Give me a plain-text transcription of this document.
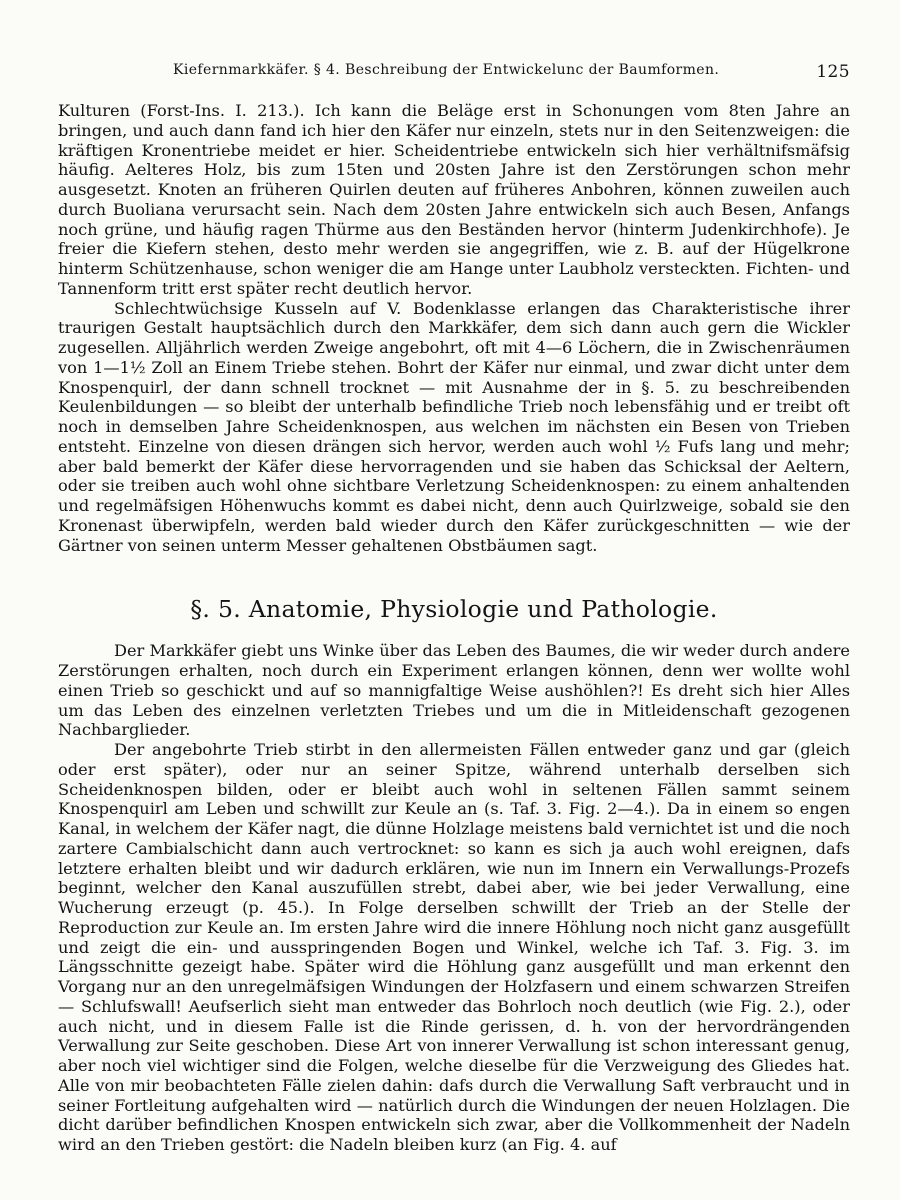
Kiefernmarkkäfer. § 4. Beschreibung der Entwickelunc der Baumformen.	125

Kulturen (Forst-Ins. I. 213.). Ich kann die Beläge erst in Schonungen vom 8ten Jahre an bringen, und auch dann fand ich hier den Käfer nur einzeln, stets nur in den Seitenzweigen: die kräftigen Kronentriebe meidet er hier. Scheidentriebe entwickeln sich hier verhältnifsmäfsig häufig. Aelteres Holz, bis zum 15ten und 20sten Jahre ist den Zerstörungen schon mehr ausgesetzt. Knoten an früheren Quirlen deuten auf früheres Anbohren, können zuweilen auch durch Buoliana verursacht sein. Nach dem 20sten Jahre entwickeln sich auch Besen, Anfangs noch grüne, und häufig ragen Thürme aus den Beständen hervor (hinterm Judenkirchhofe). Je freier die Kiefern stehen, desto mehr werden sie angegriffen, wie z. B. auf der Hügelkrone hinterm Schützenhause, schon weniger die am Hange unter Laubholz versteckten. Fichten- und Tannenform tritt erst später recht deutlich hervor.

Schlechtwüchsige Kusseln auf V. Bodenklasse erlangen das Charakteristische ihrer traurigen Gestalt hauptsächlich durch den Markkäfer, dem sich dann auch gern die Wickler zugesellen. Alljährlich werden Zweige angebohrt, oft mit 4—6 Löchern, die in Zwischenräumen von 1—1½ Zoll an Einem Triebe stehen. Bohrt der Käfer nur einmal, und zwar dicht unter dem Knospenquirl, der dann schnell trocknet — mit Ausnahme der in §. 5. zu beschreibenden Keulenbildungen — so bleibt der unterhalb befindliche Trieb noch lebensfähig und er treibt oft noch in demselben Jahre Scheidenknospen, aus welchen im nächsten ein Besen von Trieben entsteht. Einzelne von diesen drängen sich hervor, werden auch wohl ½ Fufs lang und mehr; aber bald bemerkt der Käfer diese hervorragenden und sie haben das Schicksal der Aeltern, oder sie treiben auch wohl ohne sichtbare Verletzung Scheidenknospen: zu einem anhaltenden und regelmäfsigen Höhenwuchs kommt es dabei nicht, denn auch Quirlzweige, sobald sie den Kronenast überwipfeln, werden bald wieder durch den Käfer zurückgeschnitten — wie der Gärtner von seinen unterm Messer gehaltenen Obstbäumen sagt.

§. 5. Anatomie, Physiologie und Pathologie.

Der Markkäfer giebt uns Winke über das Leben des Baumes, die wir weder durch andere Zerstörungen erhalten, noch durch ein Experiment erlangen können, denn wer wollte wohl einen Trieb so geschickt und auf so mannigfaltige Weise aushöhlen?! Es dreht sich hier Alles um das Leben des einzelnen verletzten Triebes und um die in Mitleidenschaft gezogenen Nachbarglieder.

Der angebohrte Trieb stirbt in den allermeisten Fällen entweder ganz und gar (gleich oder erst später), oder nur an seiner Spitze, während unterhalb derselben sich Scheidenknospen bilden, oder er bleibt auch wohl in seltenen Fällen sammt seinem Knospenquirl am Leben und schwillt zur Keule an (s. Taf. 3. Fig. 2—4.). Da in einem so engen Kanal, in welchem der Käfer nagt, die dünne Holzlage meistens bald vernichtet ist und die noch zartere Cambialschicht dann auch vertrocknet: so kann es sich ja auch wohl ereignen, dafs letztere erhalten bleibt und wir dadurch erklären, wie nun im Innern ein Verwallungs-Prozefs beginnt, welcher den Kanal auszufüllen strebt, dabei aber, wie bei jeder Verwallung, eine Wucherung erzeugt (p. 45.). In Folge derselben schwillt der Trieb an der Stelle der Reproduction zur Keule an. Im ersten Jahre wird die innere Höhlung noch nicht ganz ausgefüllt und zeigt die ein- und ausspringenden Bogen und Winkel, welche ich Taf. 3. Fig. 3. im Längsschnitte gezeigt habe. Später wird die Höhlung ganz ausgefüllt und man erkennt den Vorgang nur an den unregelmäfsigen Windungen der Holzfasern und einem schwarzen Streifen — Schlufswall! Aeufserlich sieht man entweder das Bohrloch noch deutlich (wie Fig. 2.), oder auch nicht, und in diesem Falle ist die Rinde gerissen, d. h. von der hervordrängenden Verwallung zur Seite geschoben. Diese Art von innerer Verwallung ist schon interessant genug, aber noch viel wichtiger sind die Folgen, welche dieselbe für die Verzweigung des Gliedes hat. Alle von mir beobachteten Fälle zielen dahin: dafs durch die Verwallung Saft verbraucht und in seiner Fortleitung aufgehalten wird — natürlich durch die Windungen der neuen Holzlagen. Die dicht darüber befindlichen Knospen entwickeln sich zwar, aber die Vollkommenheit der Nadeln wird an den Trieben gestört: die Nadeln bleiben kurz (an Fig. 4. auf
